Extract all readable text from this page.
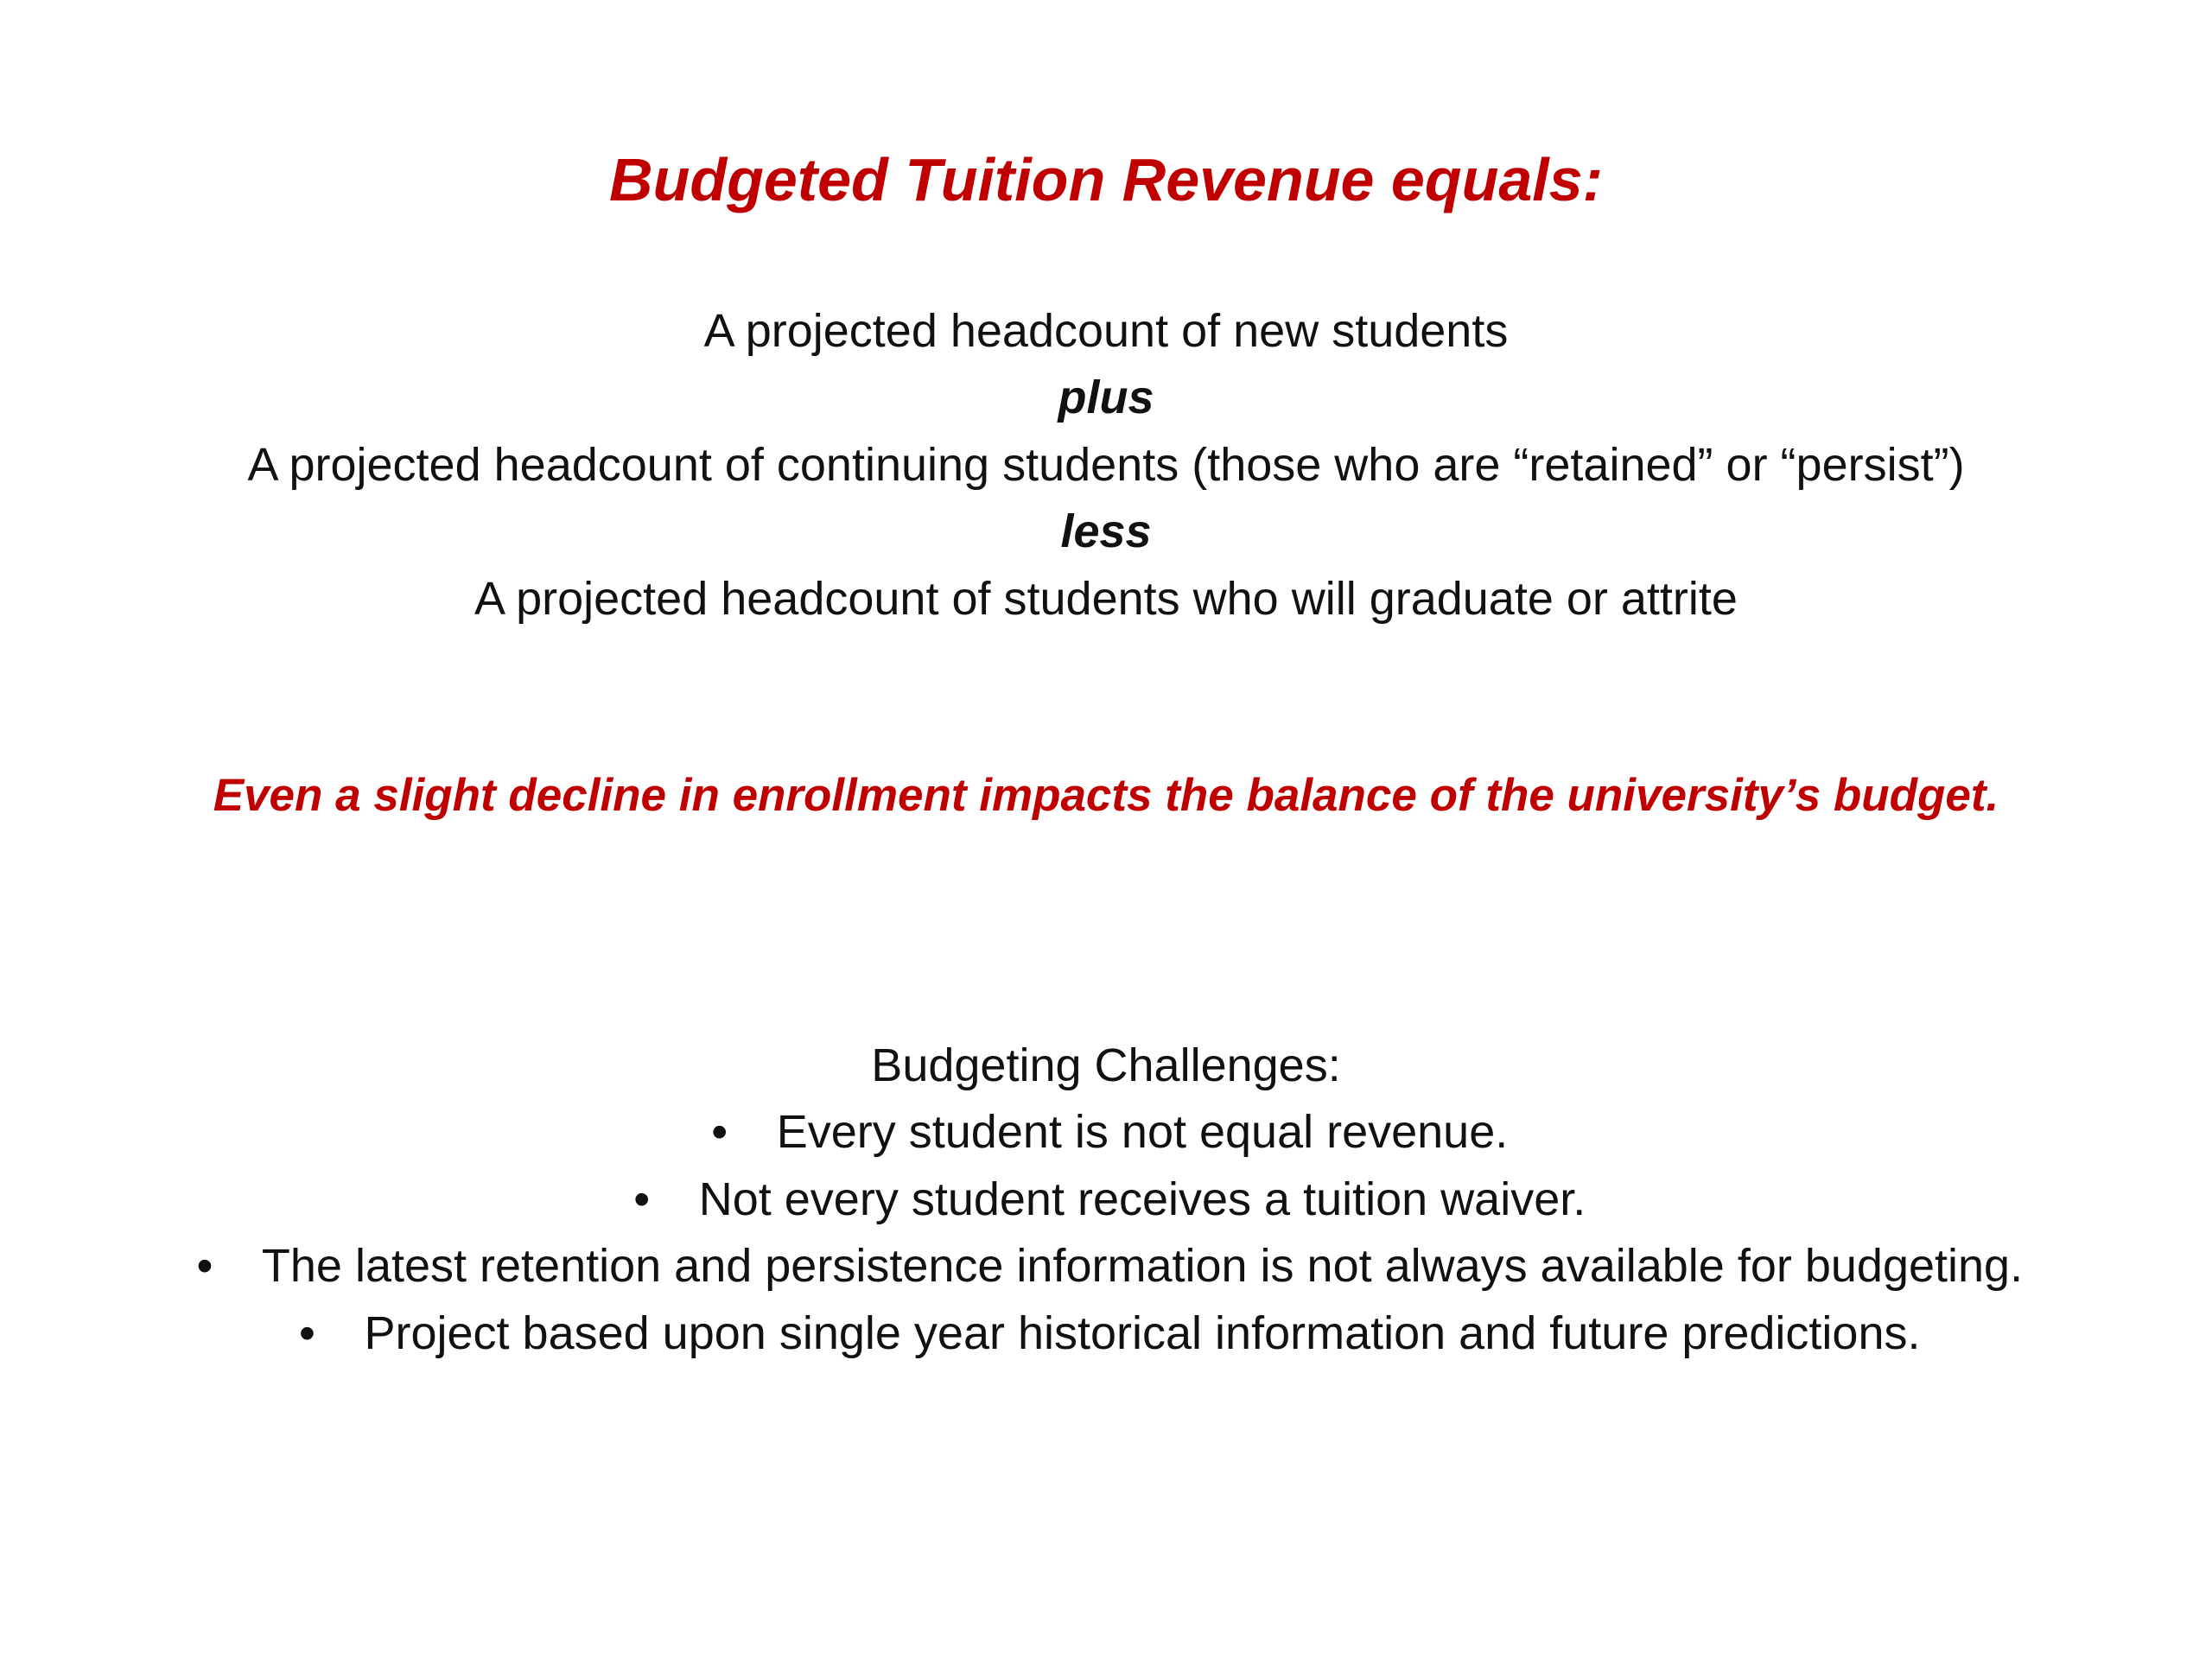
Budgeted Tuition Revenue equals:
A projected headcount of new students
plus
A projected headcount of continuing students (those who are “retained” or “persist”)
less
A projected headcount of students who will graduate or attrite
Even a slight decline in enrollment impacts the balance of the university’s budget.
Budgeting Challenges:
• Every student is not equal revenue.
• Not every student receives a tuition waiver.
• The latest retention and persistence information is not always available for budgeting.
• Project based upon single year historical information and future predictions.
